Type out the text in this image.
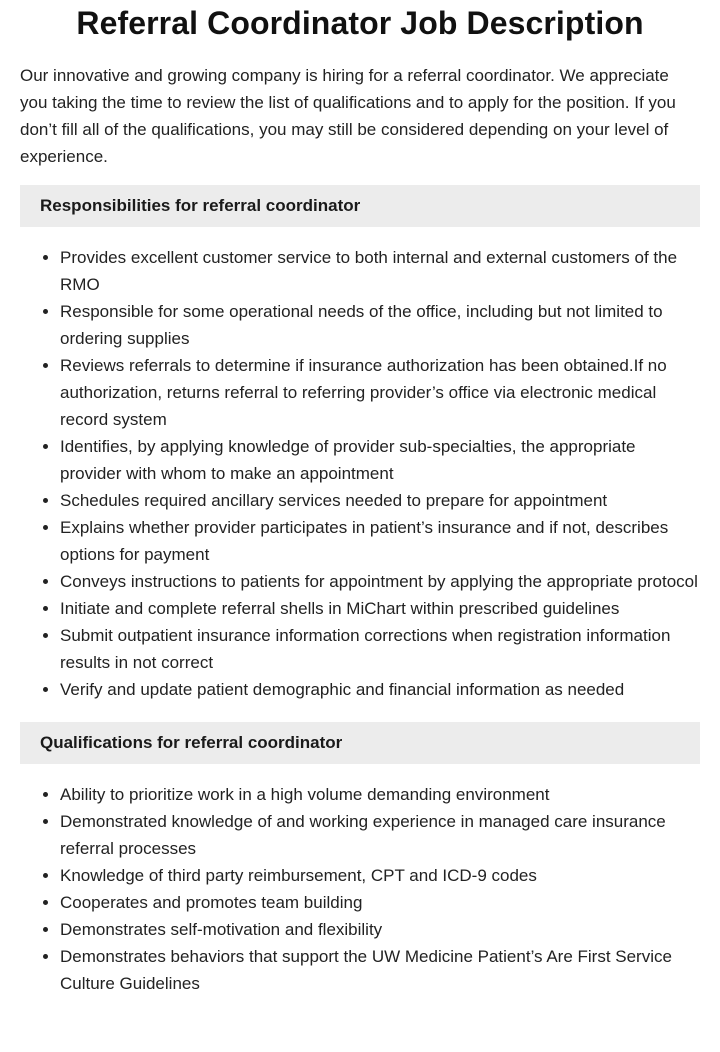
Referral Coordinator Job Description

Our innovative and growing company is hiring for a referral coordinator. We appreciate you taking the time to review the list of qualifications and to apply for the position. If you don’t fill all of the qualifications, you may still be considered depending on your level of experience.

Responsibilities for referral coordinator
Provides excellent customer service to both internal and external customers of the RMO
Responsible for some operational needs of the office, including but not limited to ordering supplies
Reviews referrals to determine if insurance authorization has been obtained.If no authorization, returns referral to referring provider’s office via electronic medical record system
Identifies, by applying knowledge of provider sub-specialties, the appropriate provider with whom to make an appointment
Schedules required ancillary services needed to prepare for appointment
Explains whether provider participates in patient’s insurance and if not, describes options for payment
Conveys instructions to patients for appointment by applying the appropriate protocol
Initiate and complete referral shells in MiChart within prescribed guidelines
Submit outpatient insurance information corrections when registration information results in not correct
Verify and update patient demographic and financial information as needed
Qualifications for referral coordinator
Ability to prioritize work in a high volume demanding environment
Demonstrated knowledge of and working experience in managed care insurance referral processes
Knowledge of third party reimbursement, CPT and ICD-9 codes
Cooperates and promotes team building
Demonstrates self-motivation and flexibility
Demonstrates behaviors that support the UW Medicine Patient’s Are First Service Culture Guidelines
